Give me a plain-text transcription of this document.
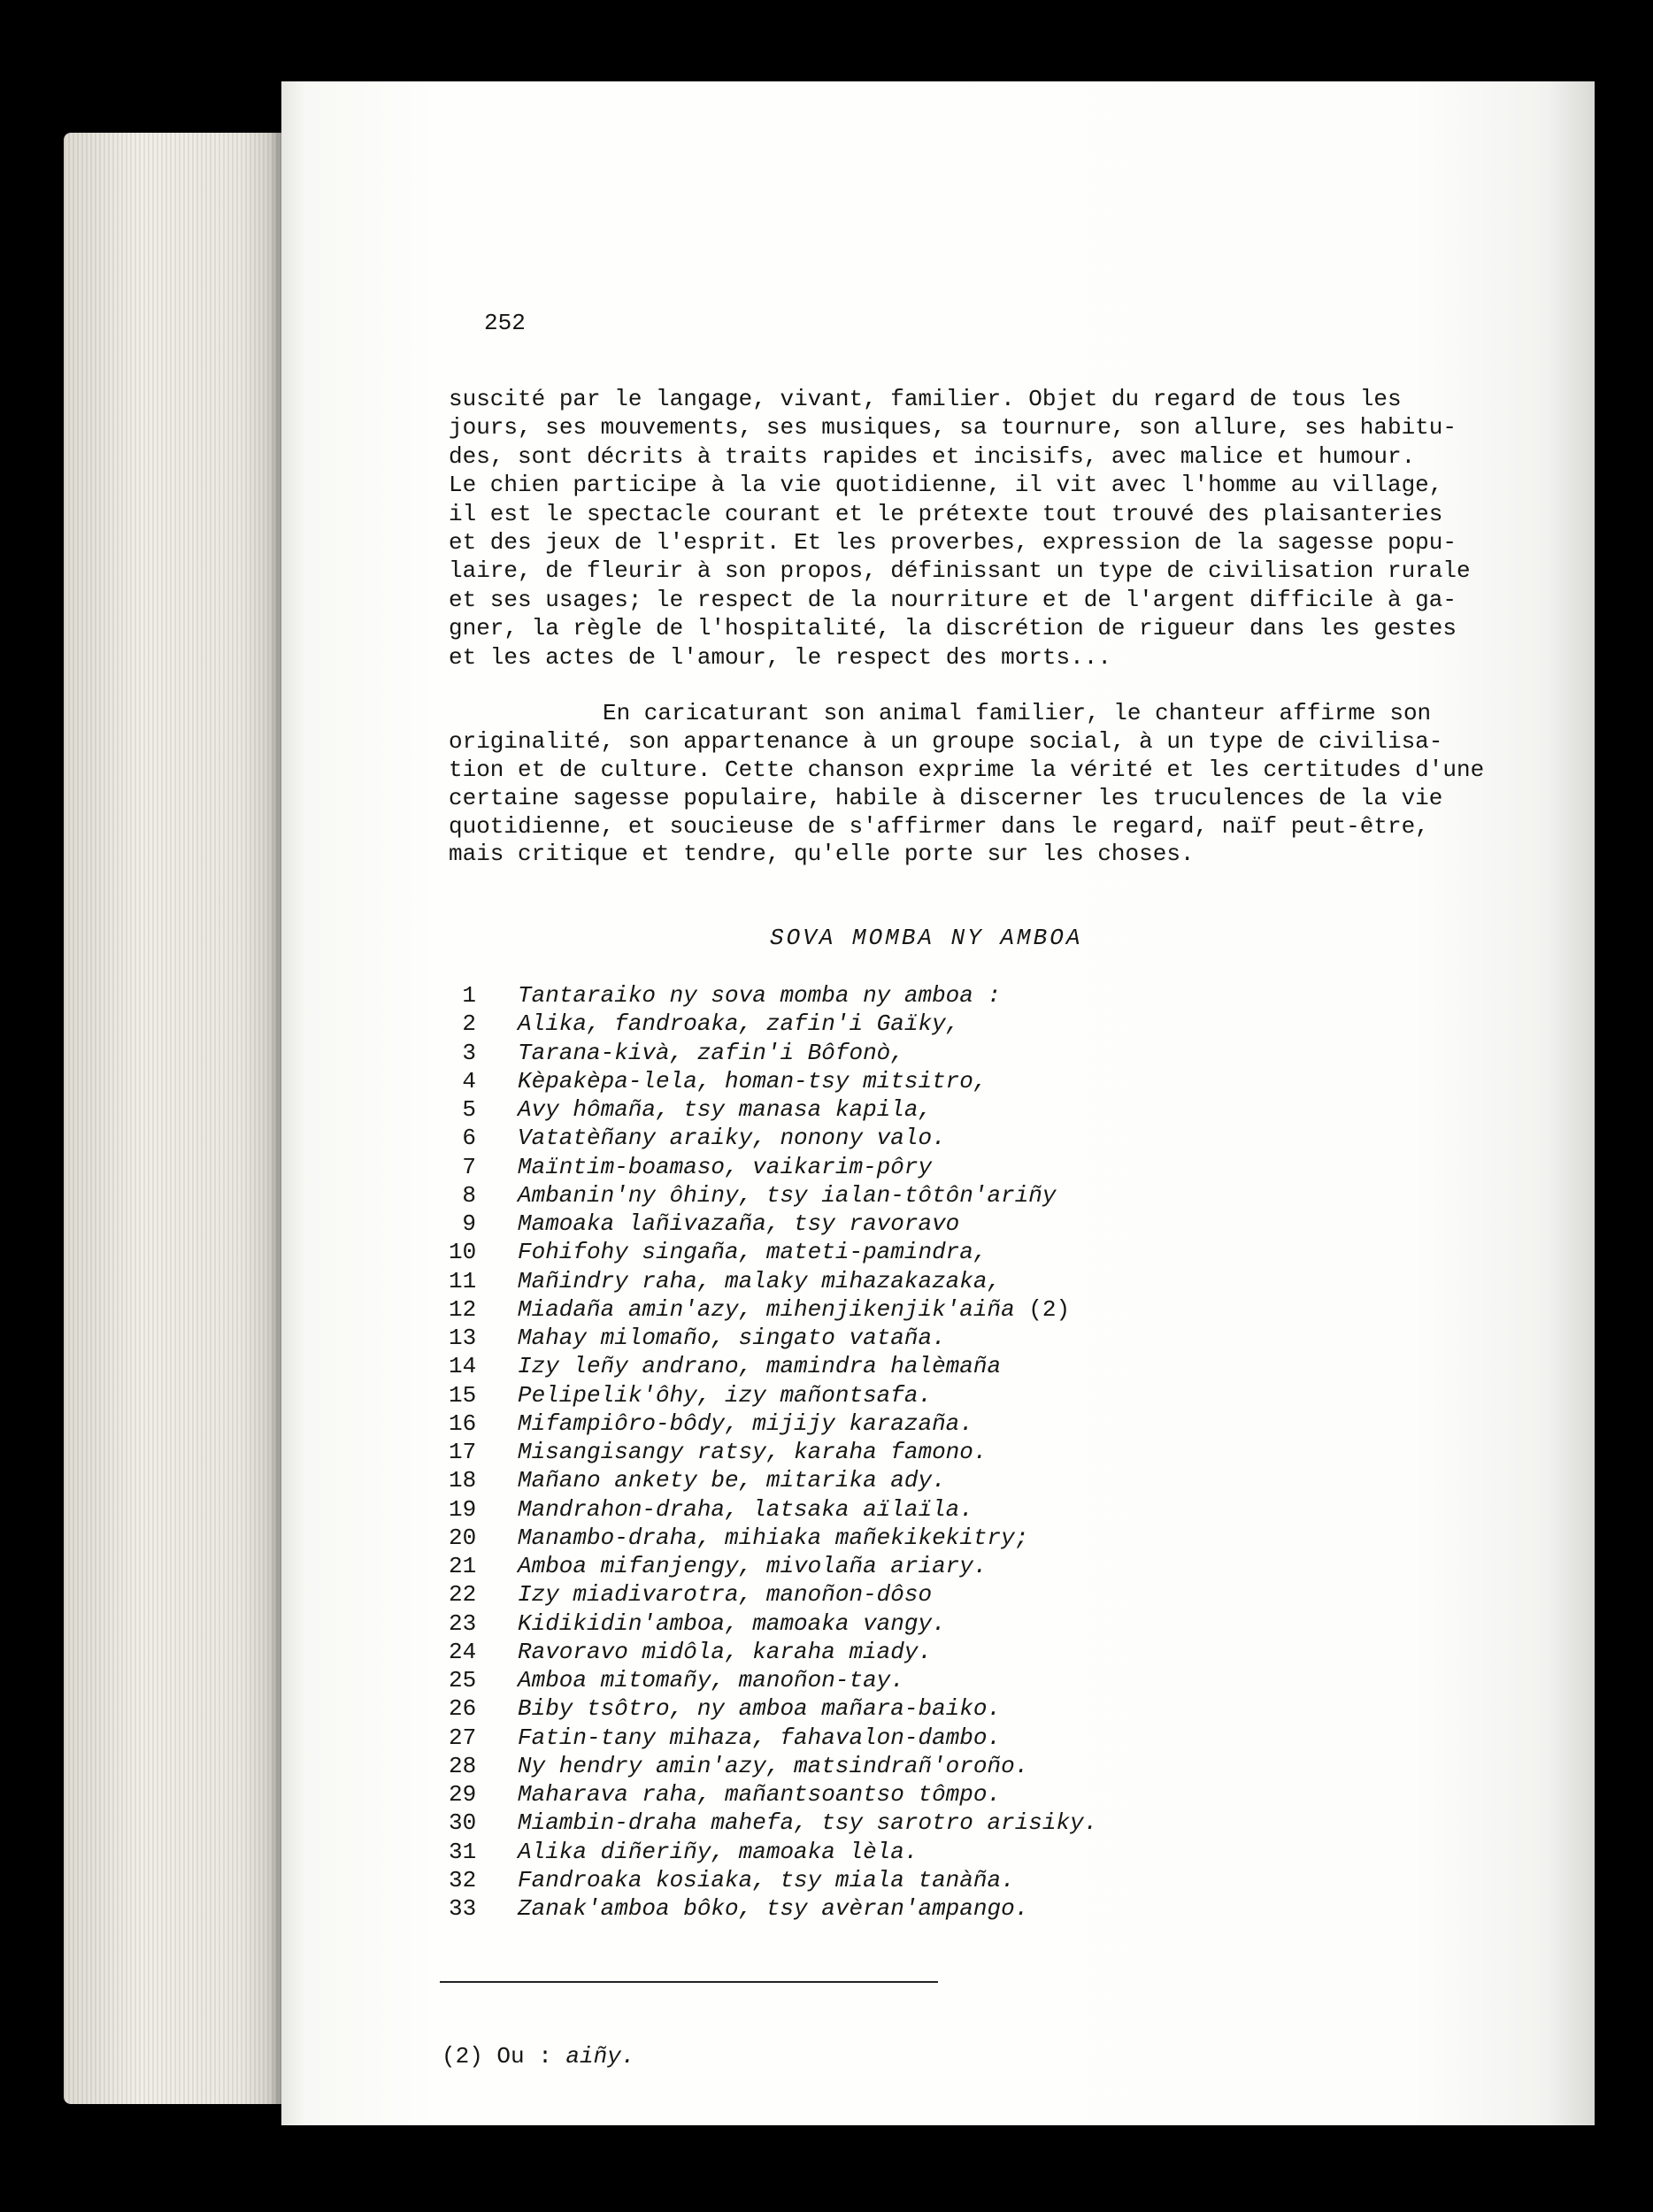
252
suscité par le langage, vivant, familier. Objet du regard de tous les
jours, ses mouvements, ses musiques, sa tournure, son allure, ses habitu-
des, sont décrits à traits rapides et incisifs, avec malice et humour.
Le chien participe à la vie quotidienne, il vit avec l'homme au village,
il est le spectacle courant et le prétexte tout trouvé des plaisanteries
et des jeux de l'esprit. Et les proverbes, expression de la sagesse popu-
laire, de fleurir à son propos, définissant un type de civilisation rurale
et ses usages; le respect de la nourriture et de l'argent difficile à ga-
gner, la règle de l'hospitalité, la discrétion de rigueur dans les gestes
et les actes de l'amour, le respect des morts...
En caricaturant son animal familier, le chanteur affirme son
originalité, son appartenance à un groupe social, à un type de civilisa-
tion et de culture. Cette chanson exprime la vérité et les certitudes d'une
certaine sagesse populaire, habile à discerner les truculences de la vie
quotidienne, et soucieuse de s'affirmer dans le regard, naïf peut-être,
mais critique et tendre, qu'elle porte sur les choses.
SOVA MOMBA NY AMBOA
1 Tantaraiko ny sova momba ny amboa :
2 Alika, fandroaka, zafin'i Gaïky,
3 Tarana-kivà, zafin'i Bôfonò,
4 Kèpakèpa-lela, homan-tsy mitsitro,
5 Avy hômaña, tsy manasa kapila,
6 Vatatèñany araiky, nonony valo.
7 Maïntim-boamaso, vaikarim-pôry
8 Ambanin'ny ôhiny, tsy ialan-tôtôn'ariñy
9 Mamoaka lañivazaña, tsy ravoravo
10 Fohifohy singaña, mateti-pamindra,
11 Mañindry raha, malaky mihazakazaka,
12 Miadaña amin'azy, mihenjikenjik'aiña (2)
13 Mahay milomaño, singato vataña.
14 Izy leñy andrano, mamindra halèmaña
15 Pelipelik'ôhy, izy mañontsafa.
16 Mifampiôro-bôdy, mijijy karazaña.
17 Misangisangy ratsy, karaha famono.
18 Mañano ankety be, mitarika ady.
19 Mandrahon-draha, latsaka aïlaïla.
20 Manambo-draha, mihiaka mañekikekitry;
21 Amboa mifanjengy, mivolaña ariary.
22 Izy miadivarotra, manoñon-dôso
23 Kidikidin'amboa, mamoaka vangy.
24 Ravoravo midôla, karaha miady.
25 Amboa mitomañy, manoñon-tay.
26 Biby tsôtro, ny amboa mañara-baiko.
27 Fatin-tany mihaza, fahavalon-dambo.
28 Ny hendry amin'azy, matsindrañ'oroño.
29 Maharava raha, mañantsoantso tômpo.
30 Miambin-draha mahefa, tsy sarotro arisiky.
31 Alika diñeriñy, mamoaka lèla.
32 Fandroaka kosiaka, tsy miala tanàña.
33 Zanak'amboa bôko, tsy avèran'ampango.
(2) Ou : aiñy.
